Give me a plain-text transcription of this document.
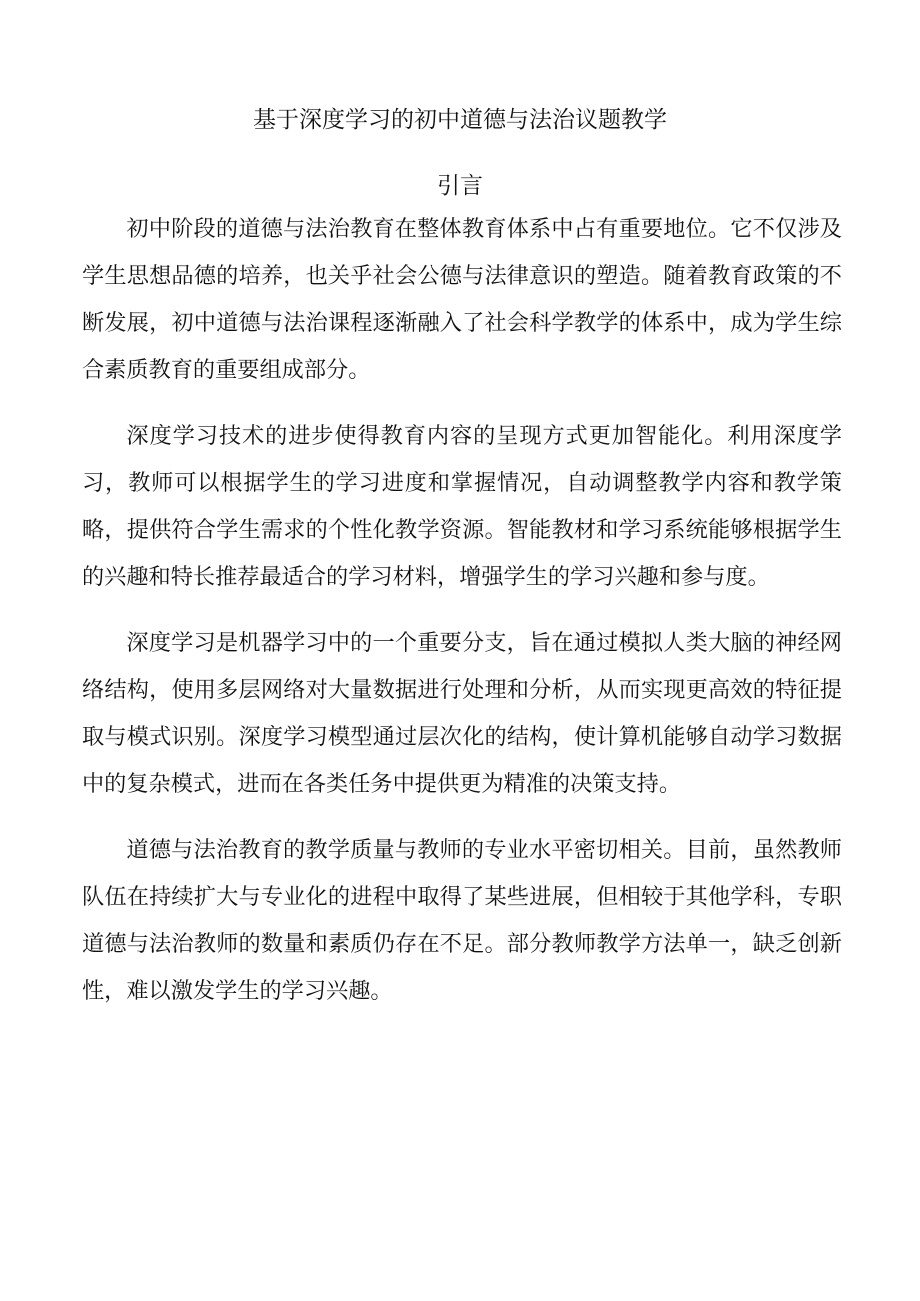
基于深度学习的初中道德与法治议题教学
引言

初中阶段的道德与法治教育在整体教育体系中占有重要地位。它不仅涉及学生思想品德的培养，也关乎社会公德与法律意识的塑造。随着教育政策的不断发展，初中道德与法治课程逐渐融入了社会科学教学的体系中，成为学生综合素质教育的重要组成部分。

深度学习技术的进步使得教育内容的呈现方式更加智能化。利用深度学习，教师可以根据学生的学习进度和掌握情况，自动调整教学内容和教学策略，提供符合学生需求的个性化教学资源。智能教材和学习系统能够根据学生的兴趣和特长推荐最适合的学习材料，增强学生的学习兴趣和参与度。

深度学习是机器学习中的一个重要分支，旨在通过模拟人类大脑的神经网络结构，使用多层网络对大量数据进行处理和分析，从而实现更高效的特征提取与模式识别。深度学习模型通过层次化的结构，使计算机能够自动学习数据中的复杂模式，进而在各类任务中提供更为精准的决策支持。

道德与法治教育的教学质量与教师的专业水平密切相关。目前，虽然教师队伍在持续扩大与专业化的进程中取得了某些进展，但相较于其他学科，专职道德与法治教师的数量和素质仍存在不足。部分教师教学方法单一，缺乏创新性，难以激发学生的学习兴趣。
